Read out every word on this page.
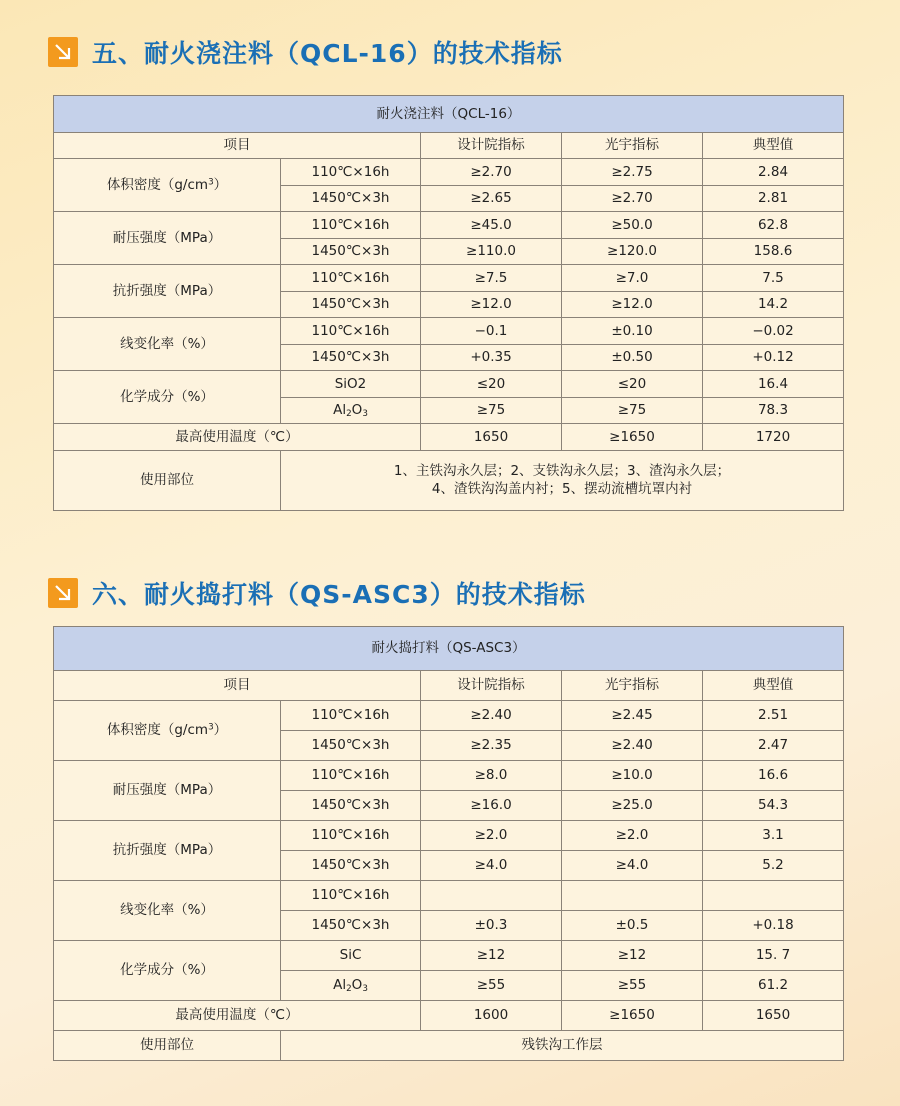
五、耐火浇注料（QCL-16）的技术指标
耐火浇注料（QCL-16）				
项目		设计院指标	光宇指标	典型值
体积密度$(g/cm^3)$	110℃×16h	≥2.70	≥2.75	2.84
	1450℃×3h	≥2.65	≥2.70	2.81
耐压强度（MPa）	110℃×16h	≥45.0	≥50.0	62.8
	1450℃×3h	≥110.0	≥120.0	158.6
抗折强度（MPa）	110℃×16h	≥7.5	≥7.0	7.5
	1450℃×3h	≥12.0	≥12.0	14.2
线变化率（%）	110℃×16h	−0.1	±0.10	−0.02
	1450℃×3h	+0.35	±0.50	+0.12
化学成分（%）	SiO2	≤20	≤20	16.4
	$Al_2O_3$	≥75	≥75	78.3
最高使用温度（℃）		1650	≥1650	1720
使用部位	1、主铁沟永久层；2、支铁沟永久层；3、渣沟永久层；
4、渣铁沟沟盖内衬；5、摆动流槽坑罩内衬			
六、耐火捣打料（QS-ASC3）的技术指标
耐火捣打料（QS-ASC3）				
项目		设计院指标	光宇指标	典型值
体积密度$(g/cm^3)$	110℃×16h	≥2.40	≥2.45	2.51
	1450℃×3h	≥2.35	≥2.40	2.47
耐压强度（MPa）	110℃×16h	≥8.0	≥10.0	16.6
	1450℃×3h	≥16.0	≥25.0	54.3
抗折强度（MPa）	110℃×16h	≥2.0	≥2.0	3.1
	1450℃×3h	≥4.0	≥4.0	5.2
线变化率（%）	110℃×16h			
	1450℃×3h	±0.3	±0.5	+0.18
化学成分（%）	SiC	≥12	≥12	15. 7
	$Al_2O_3$	≥55	≥55	61.2
最高使用温度（℃）		1600	≥1650	1650
使用部位	残铁沟工作层			
